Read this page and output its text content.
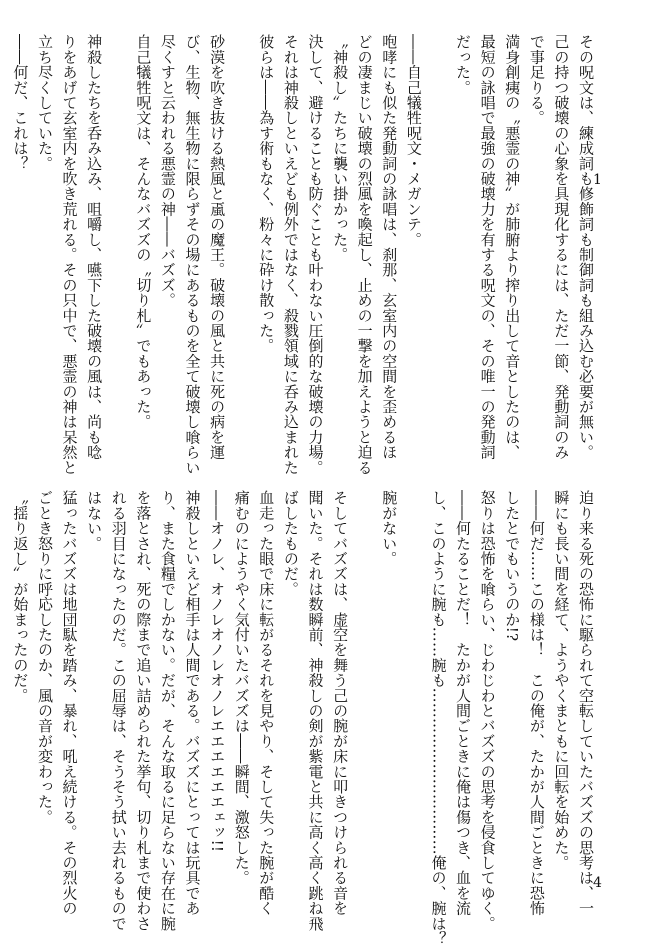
1
その呪文は、練成詞も修飾詞も制御詞も組み込む必要が無い。
己の持つ破壊の心象を具現化するには、ただ一節、発動詞のみ
で事足りる。
満身創痍の〝悪霊の神〟が肺腑より搾り出して音としたのは、
最短の詠唱で最強の破壊力を有する呪文の、その唯一の発動詞
だった。

――自己犠牲呪文・メガンテ。
咆哮にも似た発動詞の詠唱は、刹那、玄室内の空間を歪めるほ
どの凄まじい破壊の烈風を喚起し、止めの一撃を加えようと迫る
〝神殺し〟たちに襲い掛かった。
決して、避けることも防ぐことも叶わない圧倒的な破壊の力場。
それは神殺しといえども例外ではなく、殺戮領域に呑み込まれた
彼らは――為す術もなく、粉々に砕け散った。

砂漠を吹き抜ける熱風と颪の魔王。破壊の風と共に死の病を運
び、生物、無生物に限らずその場にあるものを全て破壊し喰らい
尽くすと云われる悪霊の神――バズズ。
自己犠牲呪文は、そんなバズズの〝切り札〟でもあった。

神殺したちを呑み込み、咀嚼し、嚥下した破壊の風は、尚も唸
りをあげて玄室内を吹き荒れる。その只中で、悪霊の神は呆然と
立ち尽くしていた。
――何だ、これは？
迫り来る死の恐怖に駆られて空転していたバズズの思考は、一
瞬にも長い間を経て、ようやくまともに回転を始めた。
――何だ……この様は！　この俺が、たかが人間ごときに恐怖
したとでもいうのか!?
怒りは恐怖を喰らい、じわじわとバズズの思考を侵食してゆく。
――何たることだ！　たかが人間ごときに俺は傷つき、血を流
し、このように腕も……腕も……………………………俺の、腕は？

腕がない。

そしてバズズは、虚空を舞う己の腕が床に叩きつけられる音を
聞いた。それは数瞬前、神殺しの剣が紫電と共に高く高く跳ね飛
ばしたものだ。
血走った眼で床に転がるそれを見やり、そして失った腕が酷く
痛むのにようやく気付いたバズズは――瞬間、激怒した。
――オノレ、オノレオノレオノレエエエエエエェッ!!
神殺しといえど相手は人間である。バズズにとっては玩具であ
り、また食糧でしかない。だが、そんな取るに足らない存在に腕
を落とされ、死の際まで追い詰められた挙句、切り札まで使わさ
れる羽目になったのだ。この屈辱は、そうそう拭い去れるもので
はない。
猛ったバズズは地団駄を踏み、暴れ、吼え続ける。その烈火の
ごとき怒りに呼応したのか、風の音が変わった。
〝揺り返し〟が始まったのだ。
4
